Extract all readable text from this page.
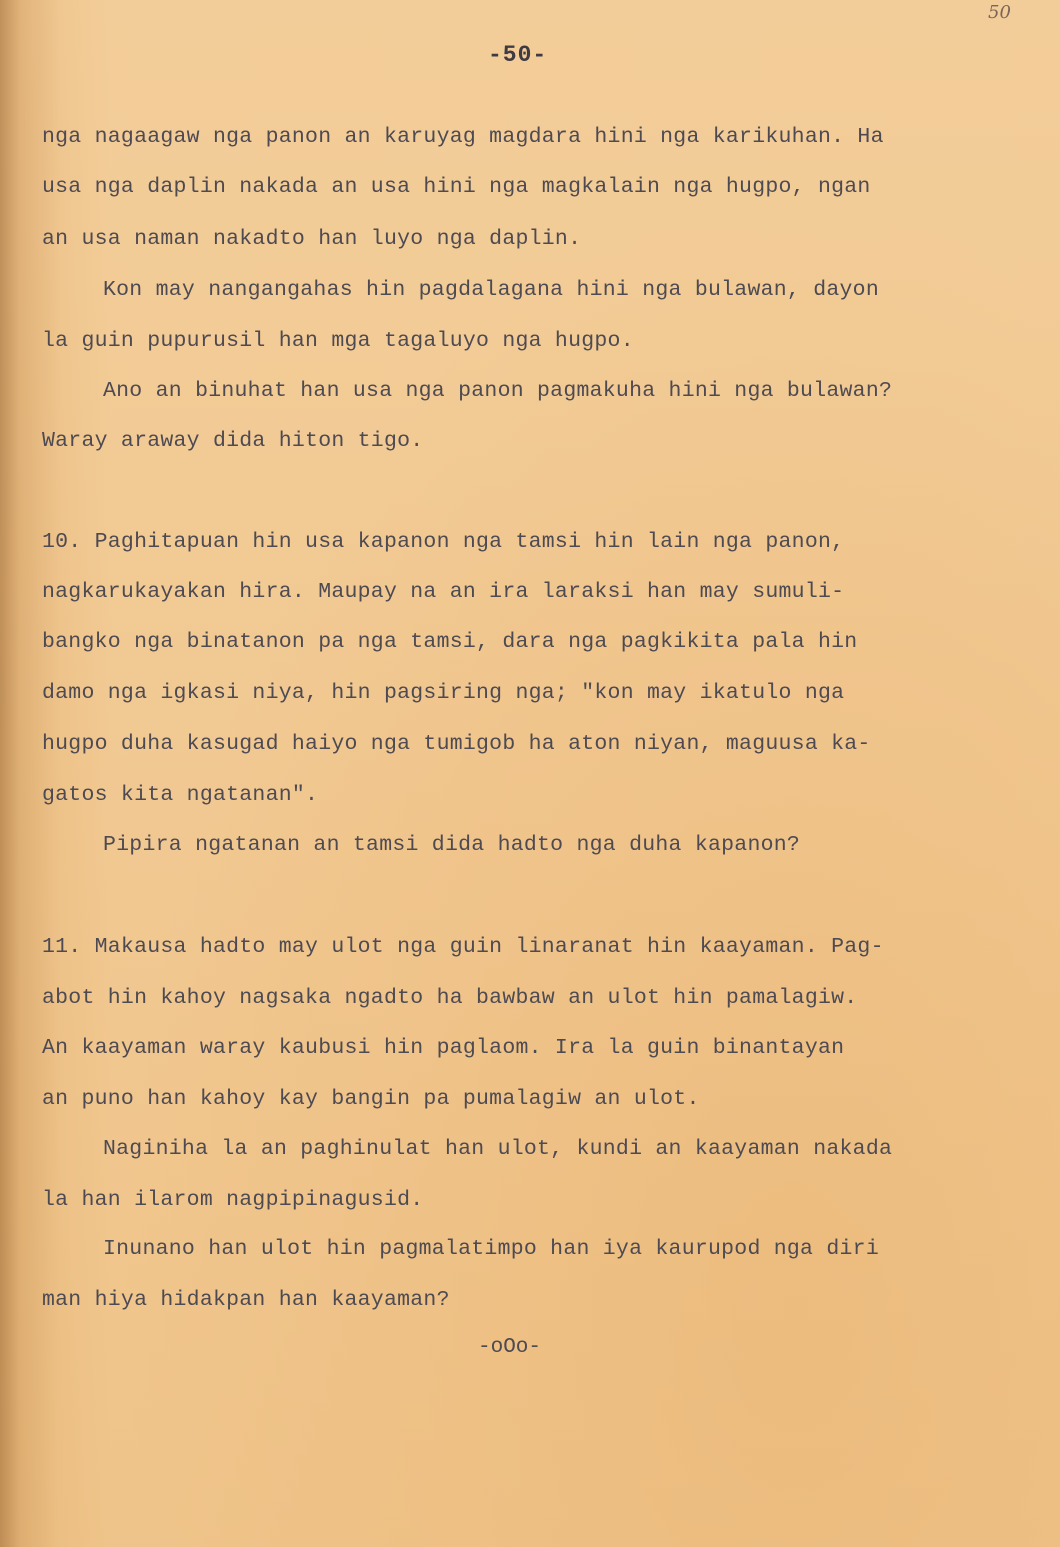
50
-50-
nga nagaagaw nga panon an karuyag magdara hini nga karikuhan. Ha
usa nga daplin nakada an usa hini nga magkalain nga hugpo, ngan
an usa naman nakadto han luyo nga daplin.
Kon may nangangahas hin pagdalagana hini nga bulawan, dayon
la guin pupurusil han mga tagaluyo nga hugpo.
Ano an binuhat han usa nga panon pagmakuha hini nga bulawan?
Waray araway dida hiton tigo.
10. Paghitapuan hin usa kapanon nga tamsi hin lain nga panon,
nagkarukayakan hira. Maupay na an ira laraksi han may sumuli-
bangko nga binatanon pa nga tamsi, dara nga pagkikita pala hin
damo nga igkasi niya, hin pagsiring nga; "kon may ikatulo nga
hugpo duha kasugad haiyo nga tumigob ha aton niyan, maguusa ka-
gatos kita ngatanan".
Pipira ngatanan an tamsi dida hadto nga duha kapanon?
11. Makausa hadto may ulot nga guin linaranat hin kaayaman. Pag-
abot hin kahoy nagsaka ngadto ha bawbaw an ulot hin pamalagiw.
An kaayaman waray kaubusi hin paglaom. Ira la guin binantayan
an puno han kahoy kay bangin pa pumalagiw an ulot.
Naginiha la an paghinulat han ulot, kundi an kaayaman nakada
la han ilarom nagpipinagusid.
Inunano han ulot hin pagmalatimpo han iya kaurupod nga diri
man hiya hidakpan han kaayaman?
-oOo-
